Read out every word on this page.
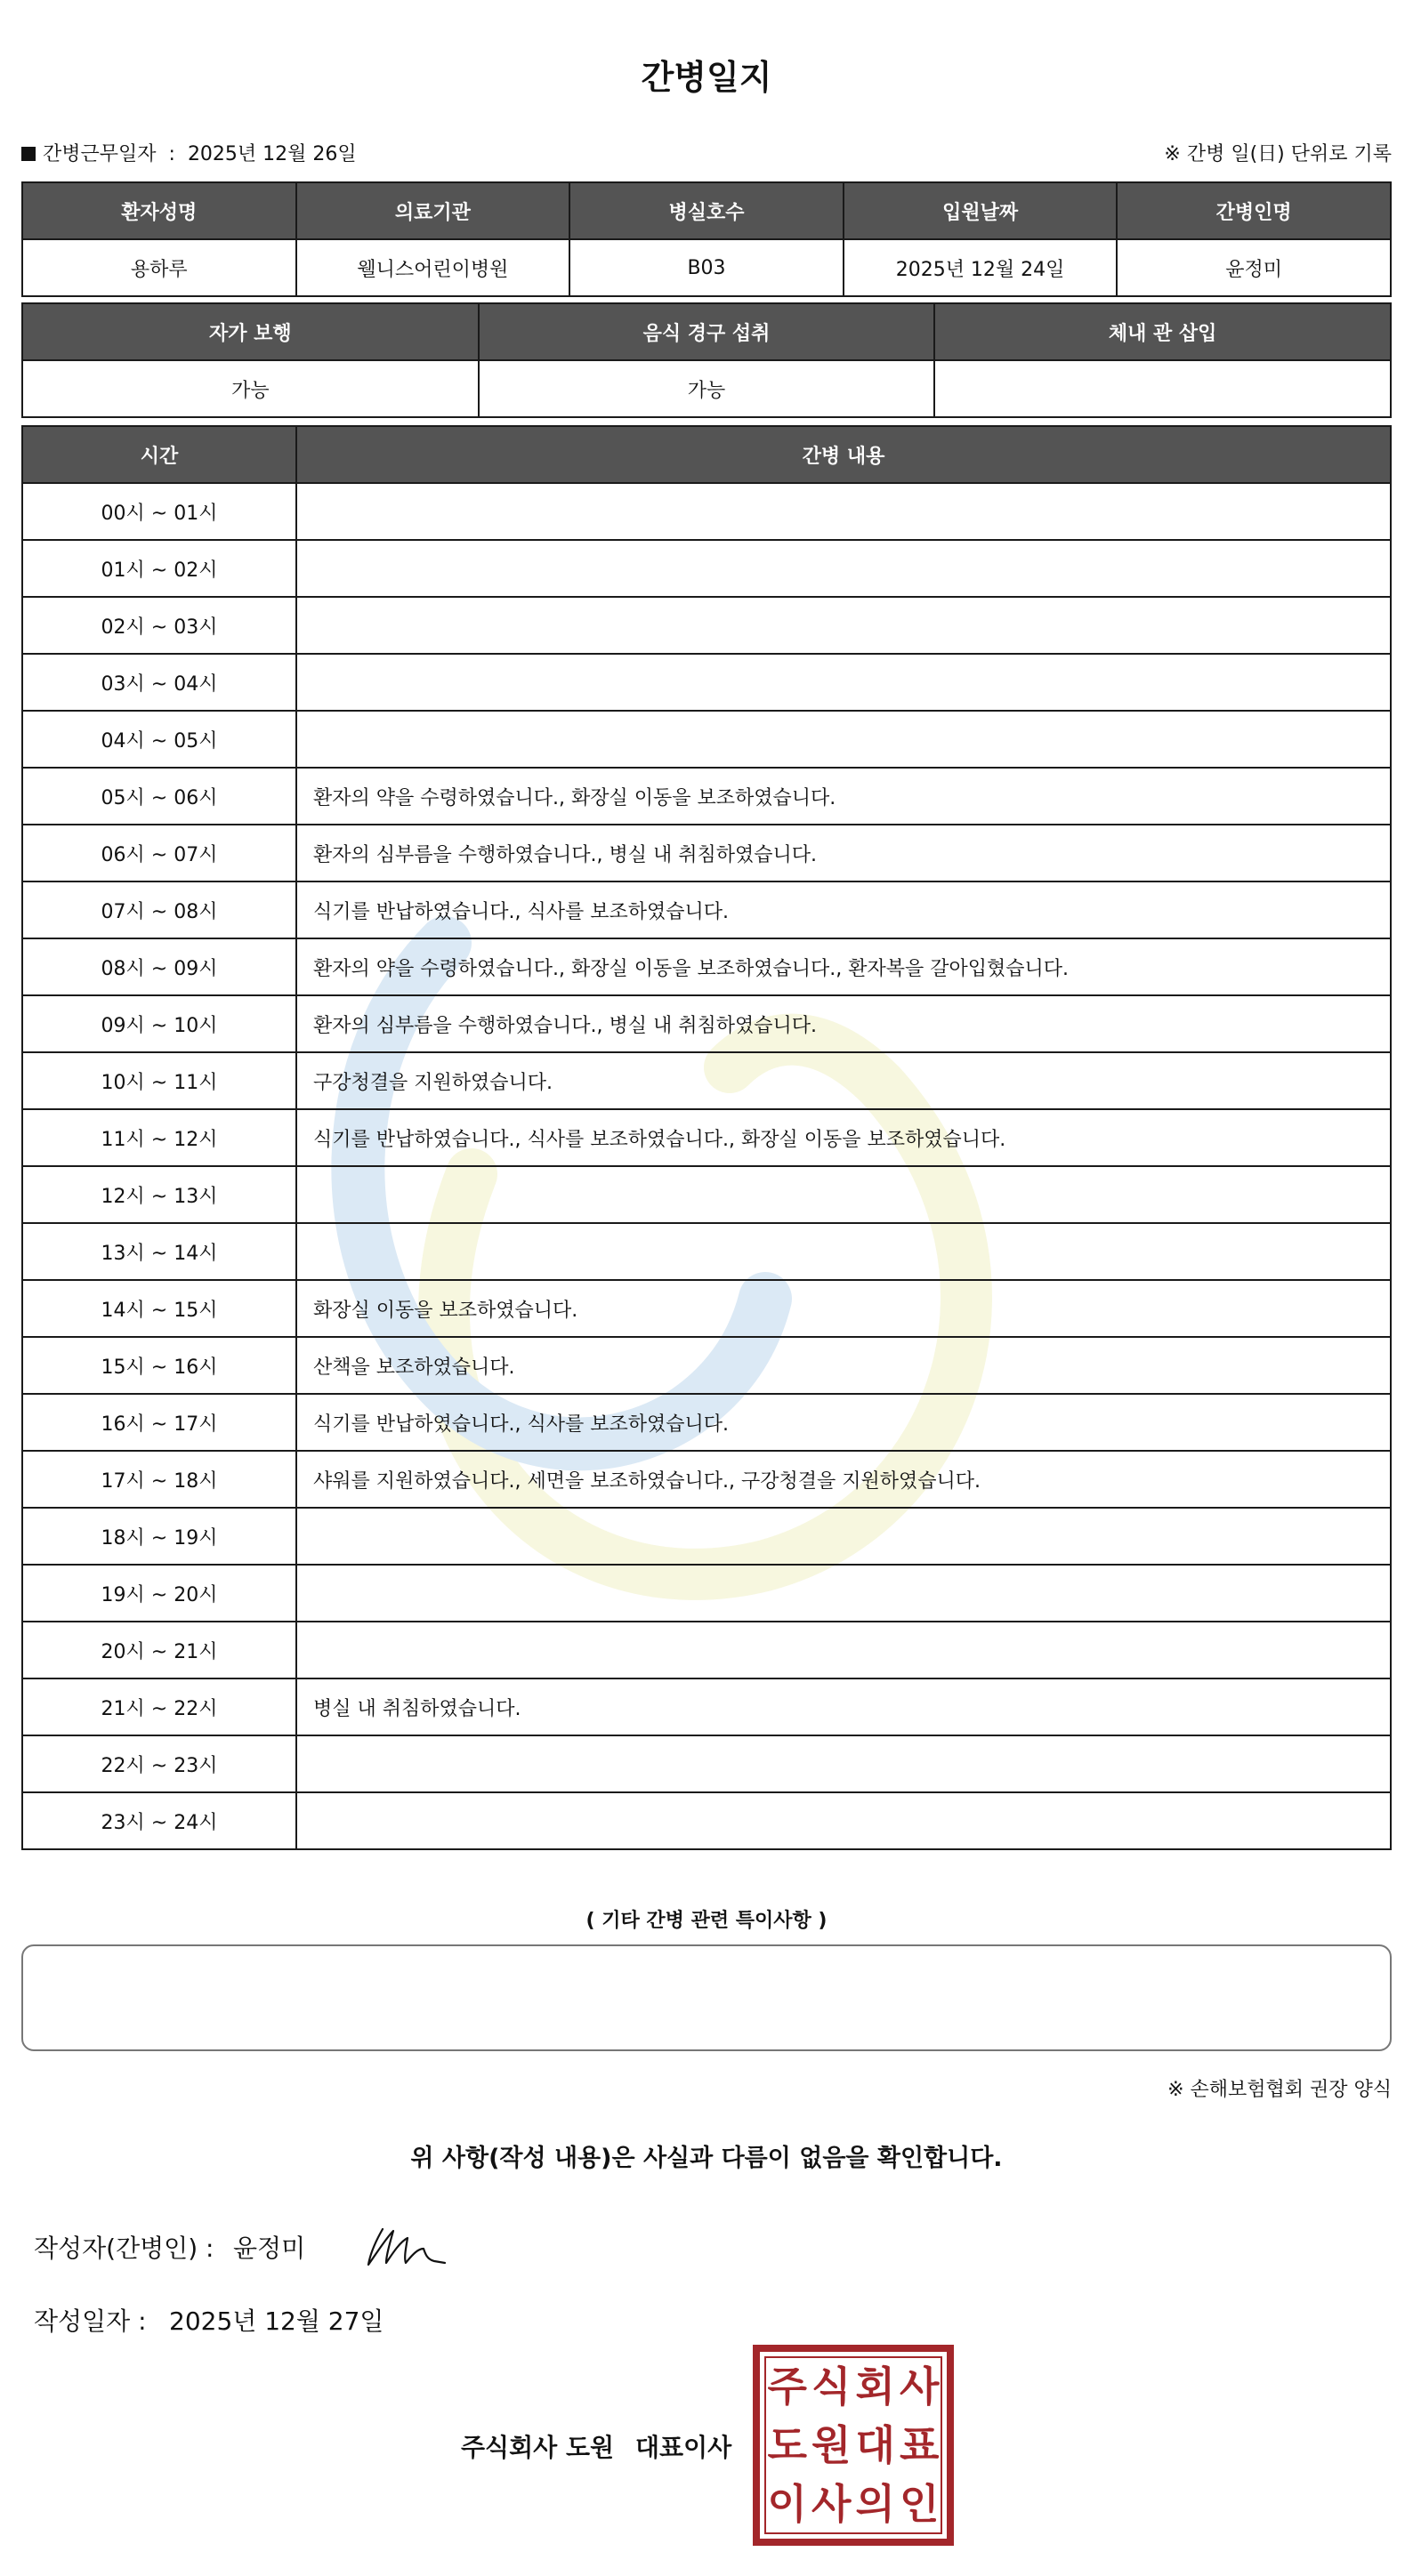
간병일지
간병근무일자 : 2025년 12월 26일	※ 간병 일(日) 단위로 기록
환자성명	의료기관	병실호수	입원날짜	간병인명
용하루	웰니스어린이병원	B03	2025년 12월 24일	윤정미
자가 보행	음식 경구 섭취	체내 관 삽입
가능	가능	
시간	간병 내용
00시 ~ 01시	
01시 ~ 02시	
02시 ~ 03시	
03시 ~ 04시	
04시 ~ 05시	
05시 ~ 06시	환자의 약을 수령하였습니다., 화장실 이동을 보조하였습니다.
06시 ~ 07시	환자의 심부름을 수행하였습니다., 병실 내 취침하였습니다.
07시 ~ 08시	식기를 반납하였습니다., 식사를 보조하였습니다.
08시 ~ 09시	환자의 약을 수령하였습니다., 화장실 이동을 보조하였습니다., 환자복을 갈아입혔습니다.
09시 ~ 10시	환자의 심부름을 수행하였습니다., 병실 내 취침하였습니다.
10시 ~ 11시	구강청결을 지원하였습니다.
11시 ~ 12시	식기를 반납하였습니다., 식사를 보조하였습니다., 화장실 이동을 보조하였습니다.
12시 ~ 13시	
13시 ~ 14시	
14시 ~ 15시	화장실 이동을 보조하였습니다.
15시 ~ 16시	산책을 보조하였습니다.
16시 ~ 17시	식기를 반납하였습니다., 식사를 보조하였습니다.
17시 ~ 18시	샤워를 지원하였습니다., 세면을 보조하였습니다., 구강청결을 지원하였습니다.
18시 ~ 19시	
19시 ~ 20시	
20시 ~ 21시	
21시 ~ 22시	병실 내 취침하였습니다.
22시 ~ 23시	
23시 ~ 24시	
( 기타 간병 관련 특이사항 )
※ 손해보험협회 권장 양식
위 사항(작성 내용)은 사실과 다름이 없음을 확인합니다.
작성자(간병인) : 윤정미
작성일자 : 2025년 12월 27일
주식회사 도원 대표이사
주 식 회 사
도 원 대 표
이 사 의 인
